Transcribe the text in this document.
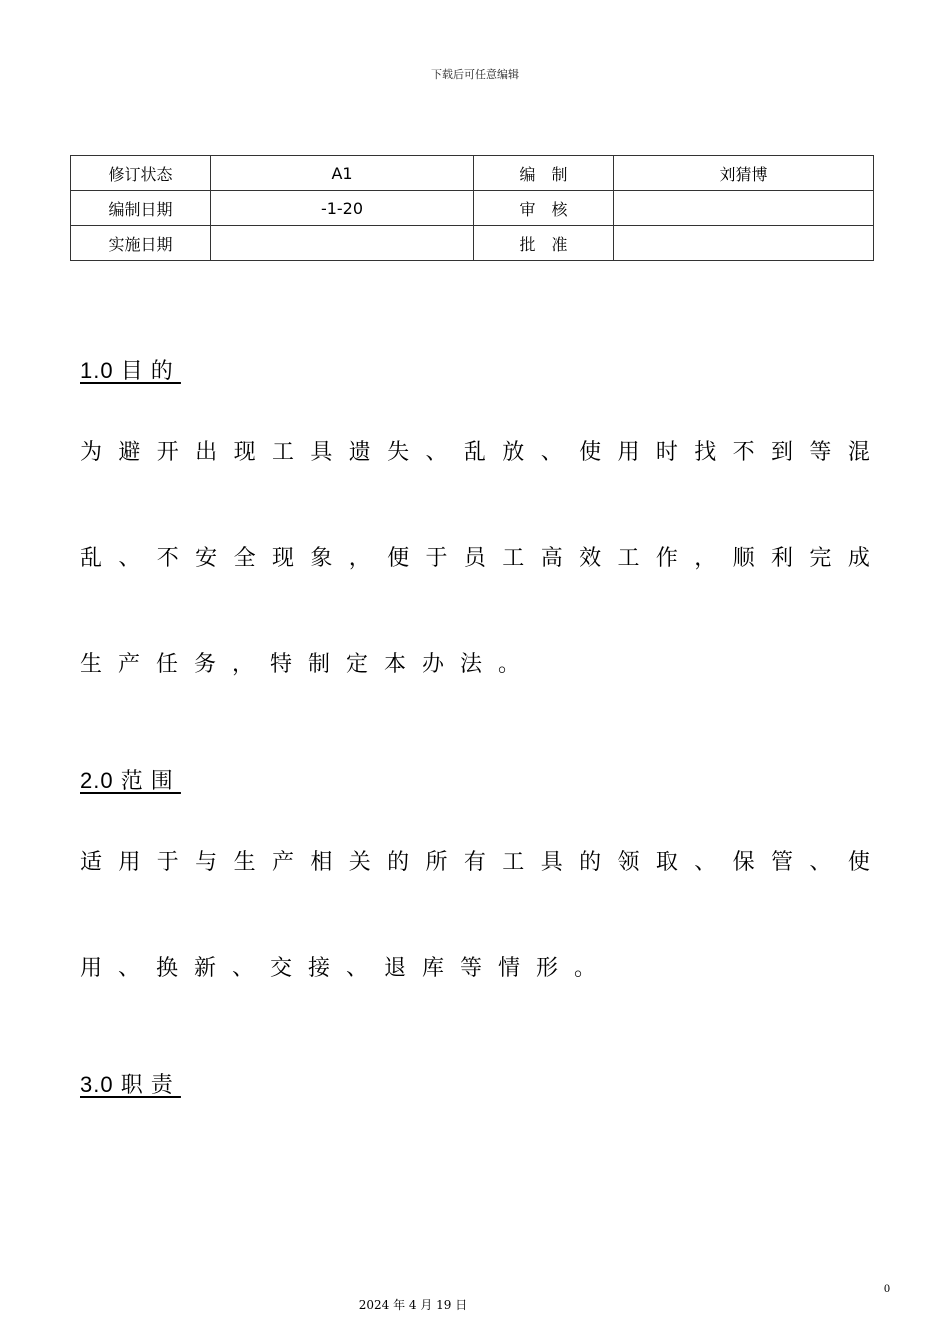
下载后可任意编辑
修订状态	A1	编　制	刘猜博
编制日期	-1-20	审　核	
实施日期		批　准	
1.0 目 的
为 避 开 出 现 工 具 遗 失 、 乱 放 、 使 用 时 找 不 到 等 混
乱 、 不 安 全 现 象 ， 便 于 员 工 高 效 工 作 ， 顺 利 完 成
生产任务，特制定本办法。
2.0 范 围
适 用 于 与 生 产 相 关 的 所 有 工 具 的 领 取 、 保 管 、 使
用、换新、交接、退库等情形。
3.0 职 责
0
2024 年 4 月 19 日
